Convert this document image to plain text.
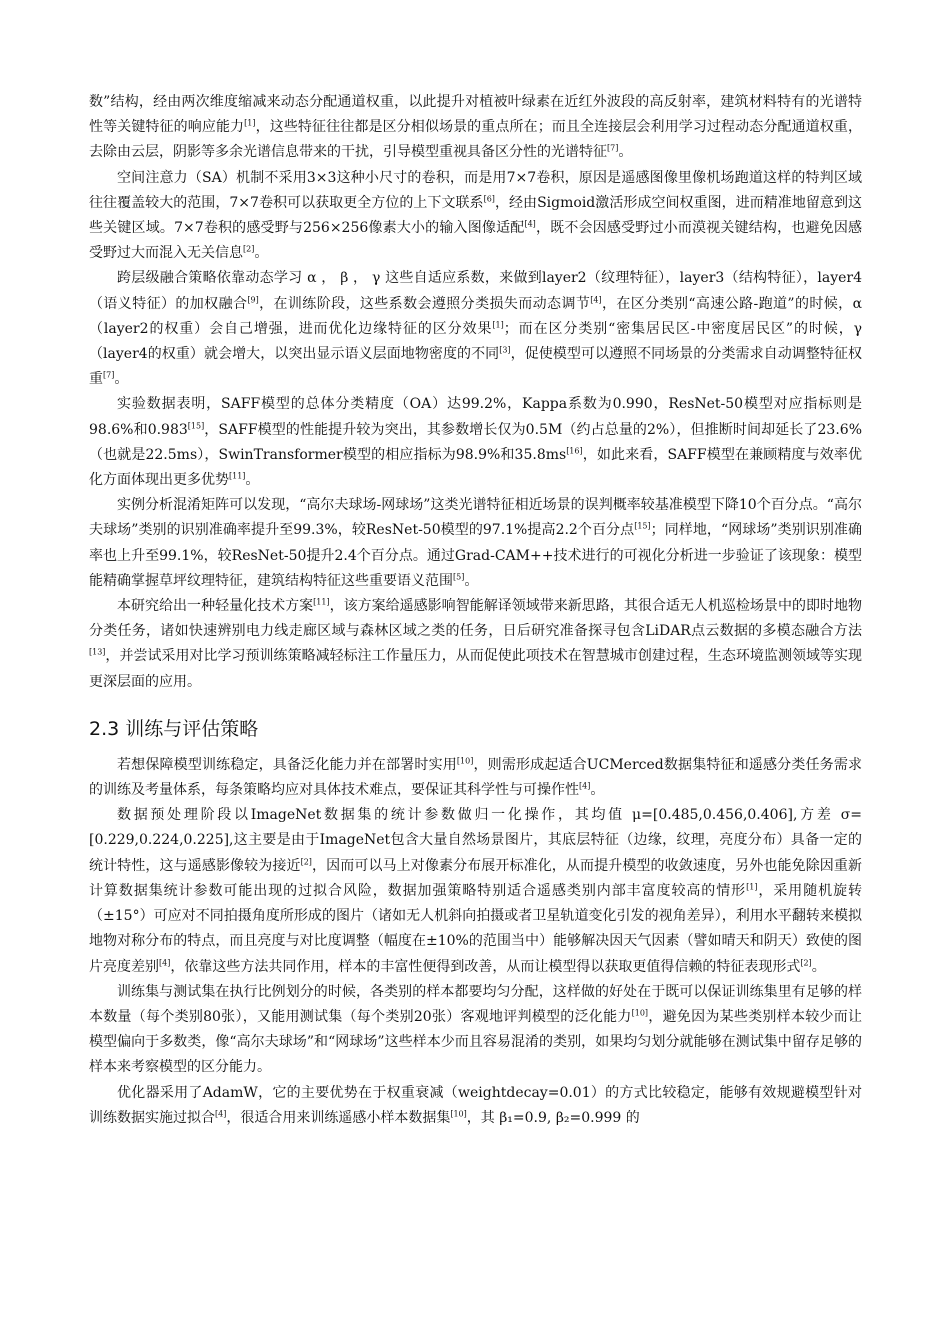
数”结构，经由两次维度缩减来动态分配通道权重，以此提升对植被叶绿素在近红外波段的高反射率，建筑材料特有的光谱特性等关键特征的响应能力[1]，这些特征往往都是区分相似场景的重点所在；而且全连接层会利用学习过程动态分配通道权重，去除由云层，阴影等多余光谱信息带来的干扰，引导模型重视具备区分性的光谱特征[7]。

空间注意力（SA）机制不采用3×3这种小尺寸的卷积，而是用7×7卷积，原因是遥感图像里像机场跑道这样的特判区域往往覆盖较大的范围，7×7卷积可以获取更全方位的上下文联系[6]，经由Sigmoid激活形成空间权重图，进而精准地留意到这些关键区域。7×7卷积的感受野与256×256像素大小的输入图像适配[4]，既不会因感受野过小而漠视关键结构，也避免因感受野过大而混入无关信息[2]。

跨层级融合策略依靠动态学习 α ， β ， γ 这些自适应系数，来做到layer2（纹理特征），layer3（结构特征），layer4（语义特征）的加权融合[9]，在训练阶段，这些系数会遵照分类损失而动态调节[4]，在区分类别“高速公路-跑道”的时候，α（layer2的权重）会自己增强，进而优化边缘特征的区分效果[1]；而在区分类别“密集居民区-中密度居民区”的时候，γ（layer4的权重）就会增大，以突出显示语义层面地物密度的不同[3]，促使模型可以遵照不同场景的分类需求自动调整特征权重[7]。

实验数据表明，SAFF模型的总体分类精度（OA）达99.2%，Kappa系数为0.990，ResNet-50模型对应指标则是98.6%和0.983[15]，SAFF模型的性能提升较为突出，其参数增长仅为0.5M（约占总量的2%），但推断时间却延长了23.6%（也就是22.5ms），SwinTransformer模型的相应指标为98.9%和35.8ms[16]，如此来看，SAFF模型在兼顾精度与效率优化方面体现出更多优势[11]。

实例分析混淆矩阵可以发现，“高尔夫球场-网球场”这类光谱特征相近场景的误判概率较基准模型下降10个百分点。“高尔夫球场”类别的识别准确率提升至99.3%，较ResNet-50模型的97.1%提高2.2个百分点[15]；同样地，“网球场”类别识别准确率也上升至99.1%，较ResNet-50提升2.4个百分点。通过Grad-CAM++技术进行的可视化分析进一步验证了该现象：模型能精确掌握草坪纹理特征，建筑结构特征这些重要语义范围[5]。

本研究给出一种轻量化技术方案[11]，该方案给遥感影响智能解译领域带来新思路，其很合适无人机巡检场景中的即时地物分类任务，诸如快速辨别电力线走廊区域与森林区域之类的任务，日后研究准备探寻包含LiDAR点云数据的多模态融合方法[13]，并尝试采用对比学习预训练策略减轻标注工作量压力，从而促使此项技术在智慧城市创建过程，生态环境监测领域等实现更深层面的应用。

2.3 训练与评估策略

若想保障模型训练稳定，具备泛化能力并在部署时实用[10]，则需形成起适合UCMerced数据集特征和遥感分类任务需求的训练及考量体系，每条策略均应对具体技术难点，要保证其科学性与可操作性[4]。

数据预处理阶段以ImageNet数据集的统计参数做归一化操作，其均值 μ=[0.485,0.456,0.406],方差 σ=[0.229,0.224,0.225],这主要是由于ImageNet包含大量自然场景图片，其底层特征（边缘，纹理，亮度分布）具备一定的统计特性，这与遥感影像较为接近[2]，因而可以马上对像素分布展开标准化，从而提升模型的收敛速度，另外也能免除因重新计算数据集统计参数可能出现的过拟合风险，数据加强策略特别适合遥感类别内部丰富度较高的情形[1]，采用随机旋转（±15°）可应对不同拍摄角度所形成的图片（诸如无人机斜向拍摄或者卫星轨道变化引发的视角差异），利用水平翻转来模拟地物对称分布的特点，而且亮度与对比度调整（幅度在±10%的范围当中）能够解决因天气因素（譬如晴天和阴天）致使的图片亮度差别[4]，依靠这些方法共同作用，样本的丰富性便得到改善，从而让模型得以获取更值得信赖的特征表现形式[2]。

训练集与测试集在执行比例划分的时候，各类别的样本都要均匀分配，这样做的好处在于既可以保证训练集里有足够的样本数量（每个类别80张），又能用测试集（每个类别20张）客观地评判模型的泛化能力[10]，避免因为某些类别样本较少而让模型偏向于多数类，像“高尔夫球场”和“网球场”这些样本少而且容易混淆的类别，如果均匀划分就能够在测试集中留存足够的样本来考察模型的区分能力。

优化器采用了AdamW，它的主要优势在于权重衰减（weightdecay=0.01）的方式比较稳定，能够有效规避模型针对训练数据实施过拟合[4]，很适合用来训练遥感小样本数据集[10]，其 β₁=0.9, β₂=0.999 的
